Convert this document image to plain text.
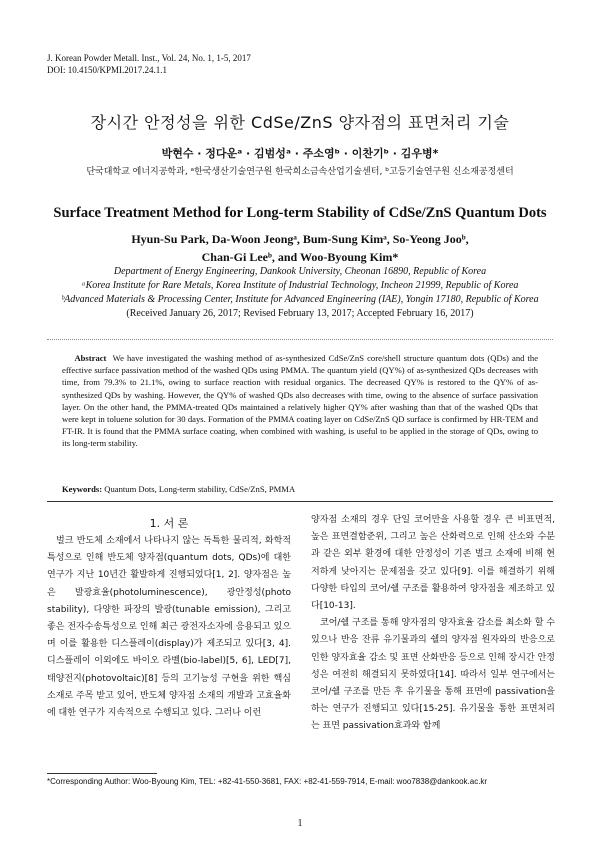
J. Korean Powder Metall. Inst., Vol. 24, No. 1, 1-5, 2017
DOI: 10.4150/KPMI.2017.24.1.1
장시간 안정성을 위한 CdSe/ZnS 양자점의 표면처리 기술
박현수 · 정다운ᵃ · 김범성ᵃ · 주소영ᵇ · 이찬기ᵇ · 김우병*
단국대학교 에너지공학과, ᵃ한국생산기술연구원 한국희소금속산업기술센터, ᵇ고등기술연구원 신소재공정센터
Surface Treatment Method for Long-term Stability of CdSe/ZnS Quantum Dots
Hyun-Su Park, Da-Woon Jeongᵃ, Bum-Sung Kimᵃ, So-Yeong Jooᵇ,
Chan-Gi Leeᵇ, and Woo-Byoung Kim*
Department of Energy Engineering, Dankook University, Cheonan 16890, Republic of Korea
ᵃKorea Institute for Rare Metals, Korea Institute of Industrial Technology, Incheon 21999, Republic of Korea
ᵇAdvanced Materials & Processing Center, Institute for Advanced Engineering (IAE), Yongin 17180, Republic of Korea
(Received January 26, 2017; Revised February 13, 2017; Accepted February 16, 2017)
Abstract We have investigated the washing method of as-synthesized CdSe/ZnS core/shell structure quantum dots (QDs) and the effective surface passivation method of the washed QDs using PMMA. The quantum yield (QY%) of as-synthesized QDs decreases with time, from 79.3% to 21.1%, owing to surface reaction with residual organics. The decreased QY% is restored to the QY% of as-synthesized QDs by washing. However, the QY% of washed QDs also decreases with time, owing to the absence of surface passivation layer. On the other hand, the PMMA-treated QDs maintained a relatively higher QY% after washing than that of the washed QDs that were kept in toluene solution for 30 days. Formation of the PMMA coating layer on CdSe/ZnS QD surface is confirmed by HR-TEM and FT-IR. It is found that the PMMA surface coating, when combined with washing, is useful to be applied in the storage of QDs, owing to its long-term stability.
Keywords: Quantum Dots, Long-term stability, CdSe/ZnS, PMMA
1. 서 론

벌크 반도체 소재에서 나타나지 않는 독특한 물리적, 화학적 특성으로 인해 반도체 양자점(quantum dots, QDs)에 대한 연구가 지난 10년간 활발하게 진행되었다[1, 2]. 양자점은 높은 발광효율(photoluminescence), 광안정성(photo stability), 다양한 파장의 발광(tunable emission), 그리고 좋은 전자수송특성으로 인해 최근 광전자소자에 응용되고 있으며 이를 활용한 디스플레이(display)가 제조되고 있다[3, 4]. 디스플레이 이외에도 바이오 라벨(bio-label)[5, 6], LED[7], 태양전지(photovoltaic)[8] 등의 고기능성 구현을 위한 핵심소재로 주목 받고 있어, 반도체 양자점 소재의 개발과 고효율화에 대한 연구가 지속적으로 수행되고 있다. 그러나 이런

양자점 소재의 경우 단일 코어만을 사용할 경우 큰 비표면적, 높은 표면결함준위, 그리고 높은 산화력으로 인해 산소와 수분과 같은 외부 환경에 대한 안정성이 기존 벌크 소재에 비해 현저하게 낮아지는 문제점을 갖고 있다[9]. 이를 해결하기 위해 다양한 타입의 코어/쉘 구조를 활용하여 양자점을 제조하고 있다[10-13].

코어/쉘 구조를 통해 양자점의 양자효율 감소를 최소화 할 수 있으나 반응 잔류 유기물과의 쉘의 양자점 원자와의 반응으로 인한 양자효율 감소 및 표면 산화반응 등으로 인해 장시간 안정성은 여전히 해결되지 못하였다[14]. 따라서 일부 연구에서는 코어/쉘 구조를 만든 후 유기물을 통해 표면에 passivation을 하는 연구가 진행되고 있다[15-25]. 유기물을 통한 표면처리는 표면 passivation효과와 함께

*Corresponding Author: Woo-Byoung Kim, TEL: +82-41-550-3681, FAX: +82-41-559-7914, E-mail: woo7838@dankook.ac.kr
1
